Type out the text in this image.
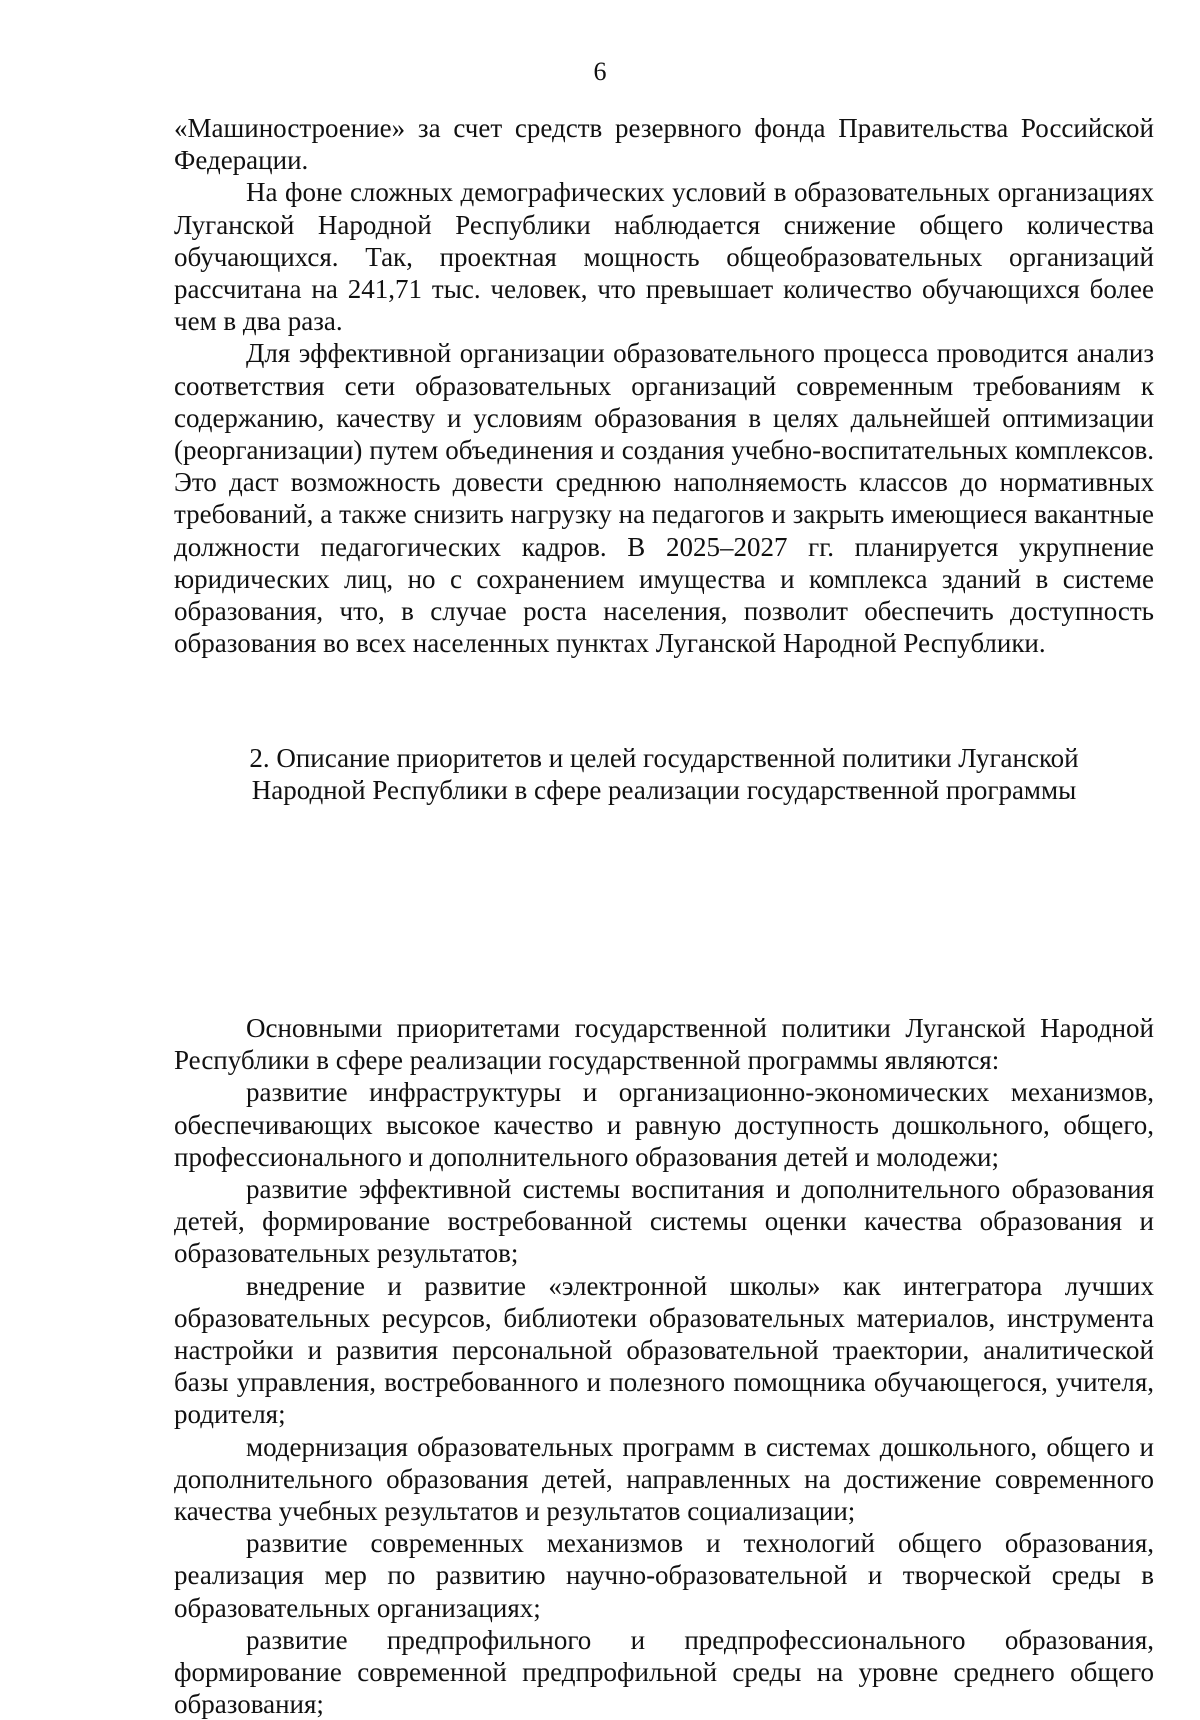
6

«Машиностроение» за счет средств резервного фонда Правительства Российской Федерации.

На фоне сложных демографических условий в образовательных организациях Луганской Народной Республики наблюдается снижение общего количества обучающихся. Так, проектная мощность общеобразовательных организаций рассчитана на 241,71 тыс. человек, что превышает количество обучающихся более чем в два раза.

Для эффективной организации образовательного процесса проводится анализ соответствия сети образовательных организаций современным требованиям к содержанию, качеству и условиям образования в целях дальнейшей оптимизации (реорганизации) путем объединения и создания учебно-воспитательных комплексов. Это даст возможность довести среднюю наполняемость классов до нормативных требований, а также снизить нагрузку на педагогов и закрыть имеющиеся вакантные должности педагогических кадров. В 2025–2027 гг. планируется укрупнение юридических лиц, но с сохранением имущества и комплекса зданий в системе образования, что, в случае роста населения, позволит обеспечить доступность образования во всех населенных пунктах Луганской Народной Республики.

2. Описание приоритетов и целей государственной политики Луганской
Народной Республики в сфере реализации государственной программы

Основными приоритетами государственной политики Луганской Народной Республики в сфере реализации государственной программы являются:

развитие инфраструктуры и организационно-экономических механизмов, обеспечивающих высокое качество и равную доступность дошкольного, общего, профессионального и дополнительного образования детей и молодежи;

развитие эффективной системы воспитания и дополнительного образования детей, формирование востребованной системы оценки качества образования и образовательных результатов;

внедрение и развитие «электронной школы» как интегратора лучших образовательных ресурсов, библиотеки образовательных материалов, инструмента настройки и развития персональной образовательной траектории, аналитической базы управления, востребованного и полезного помощника обучающегося, учителя, родителя;

модернизация образовательных программ в системах дошкольного, общего и дополнительного образования детей, направленных на достижение современного качества учебных результатов и результатов социализации;

развитие современных механизмов и технологий общего образования, реализация мер по развитию научно-образовательной и творческой среды в образовательных организациях;

развитие предпрофильного и предпрофессионального образования, формирование современной предпрофильной среды на уровне среднего общего образования;
